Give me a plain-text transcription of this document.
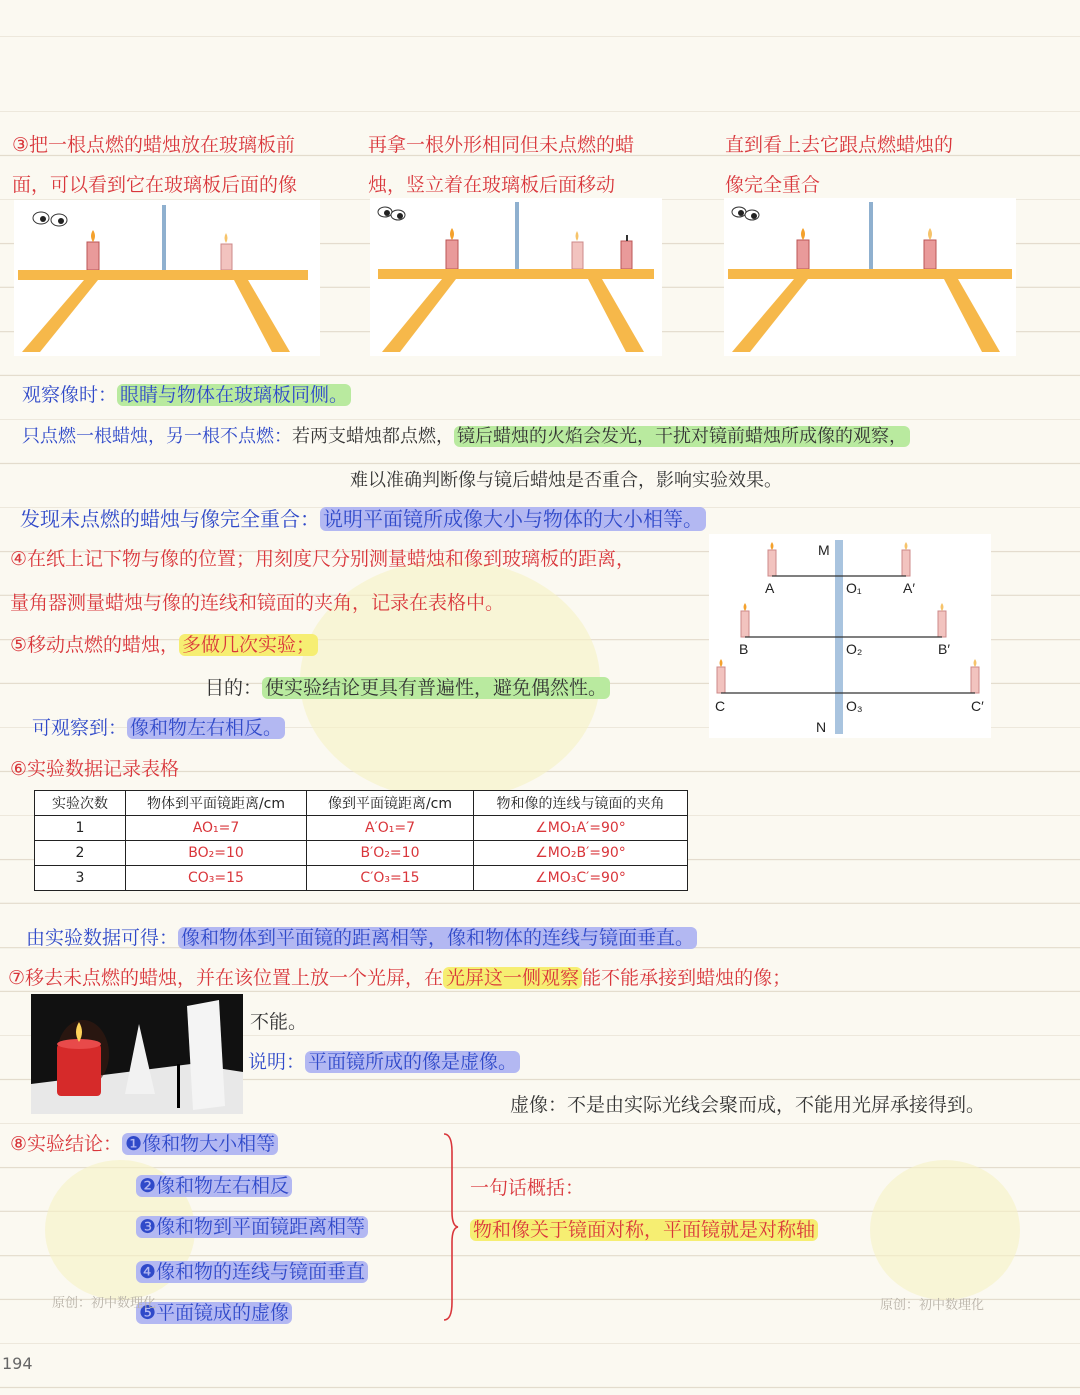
③把一根点燃的蜡烛放在玻璃板前
面，可以看到它在玻璃板后面的像
再拿一根外形相同但未点燃的蜡
烛，竖立着在玻璃板后面移动
直到看上去它跟点燃蜡烛的
像完全重合
观察像时： 眼睛与物体在玻璃板同侧。
只点燃一根蜡烛，另一根不点燃：若两支蜡烛都点燃， 镜后蜡烛的火焰会发光，干扰对镜前蜡烛所成像的观察，
难以准确判断像与镜后蜡烛是否重合，影响实验效果。
发现未点燃的蜡烛与像完全重合： 说明平面镜所成像大小与物体的大小相等。
④在纸上记下物与像的位置；用刻度尺分别测量蜡烛和像到玻璃板的距离，
量角器测量蜡烛与像的连线和镜面的夹角，记录在表格中。
⑤移动点燃的蜡烛， 多做几次实验；
目的： 使实验结论更具有普遍性，避免偶然性。
可观察到： 像和物左右相反。
M
N
A	O₁	A′
B	O₂	B′
C	O₃	C′
⑥实验数据记录表格
实验次数	物体到平面镜距离/cm	像到平面镜距离/cm	物和像的连线与镜面的夹角
1	AO₁=7	A′O₁=7	∠MO₁A′=90°
2	BO₂=10	B′O₂=10	∠MO₂B′=90°
3	CO₃=15	C′O₃=15	∠MO₃C′=90°
由实验数据可得： 像和物体到平面镜的距离相等，像和物体的连线与镜面垂直。
⑦移去未点燃的蜡烛，并在该位置上放一个光屏，在 光屏这一侧观察 能不能承接到蜡烛的像；
不能。
说明： 平面镜所成的像是虚像。
虚像：不是由实际光线会聚而成，不能用光屏承接得到。
⑧实验结论： ❶像和物大小相等
❷像和物左右相反
❸像和物到平面镜距离相等
❹像和物的连线与镜面垂直
❺平面镜成的虚像
一句话概括：
物和像关于镜面对称，平面镜就是对称轴
原创：初中数理化	原创：初中数理化
194
